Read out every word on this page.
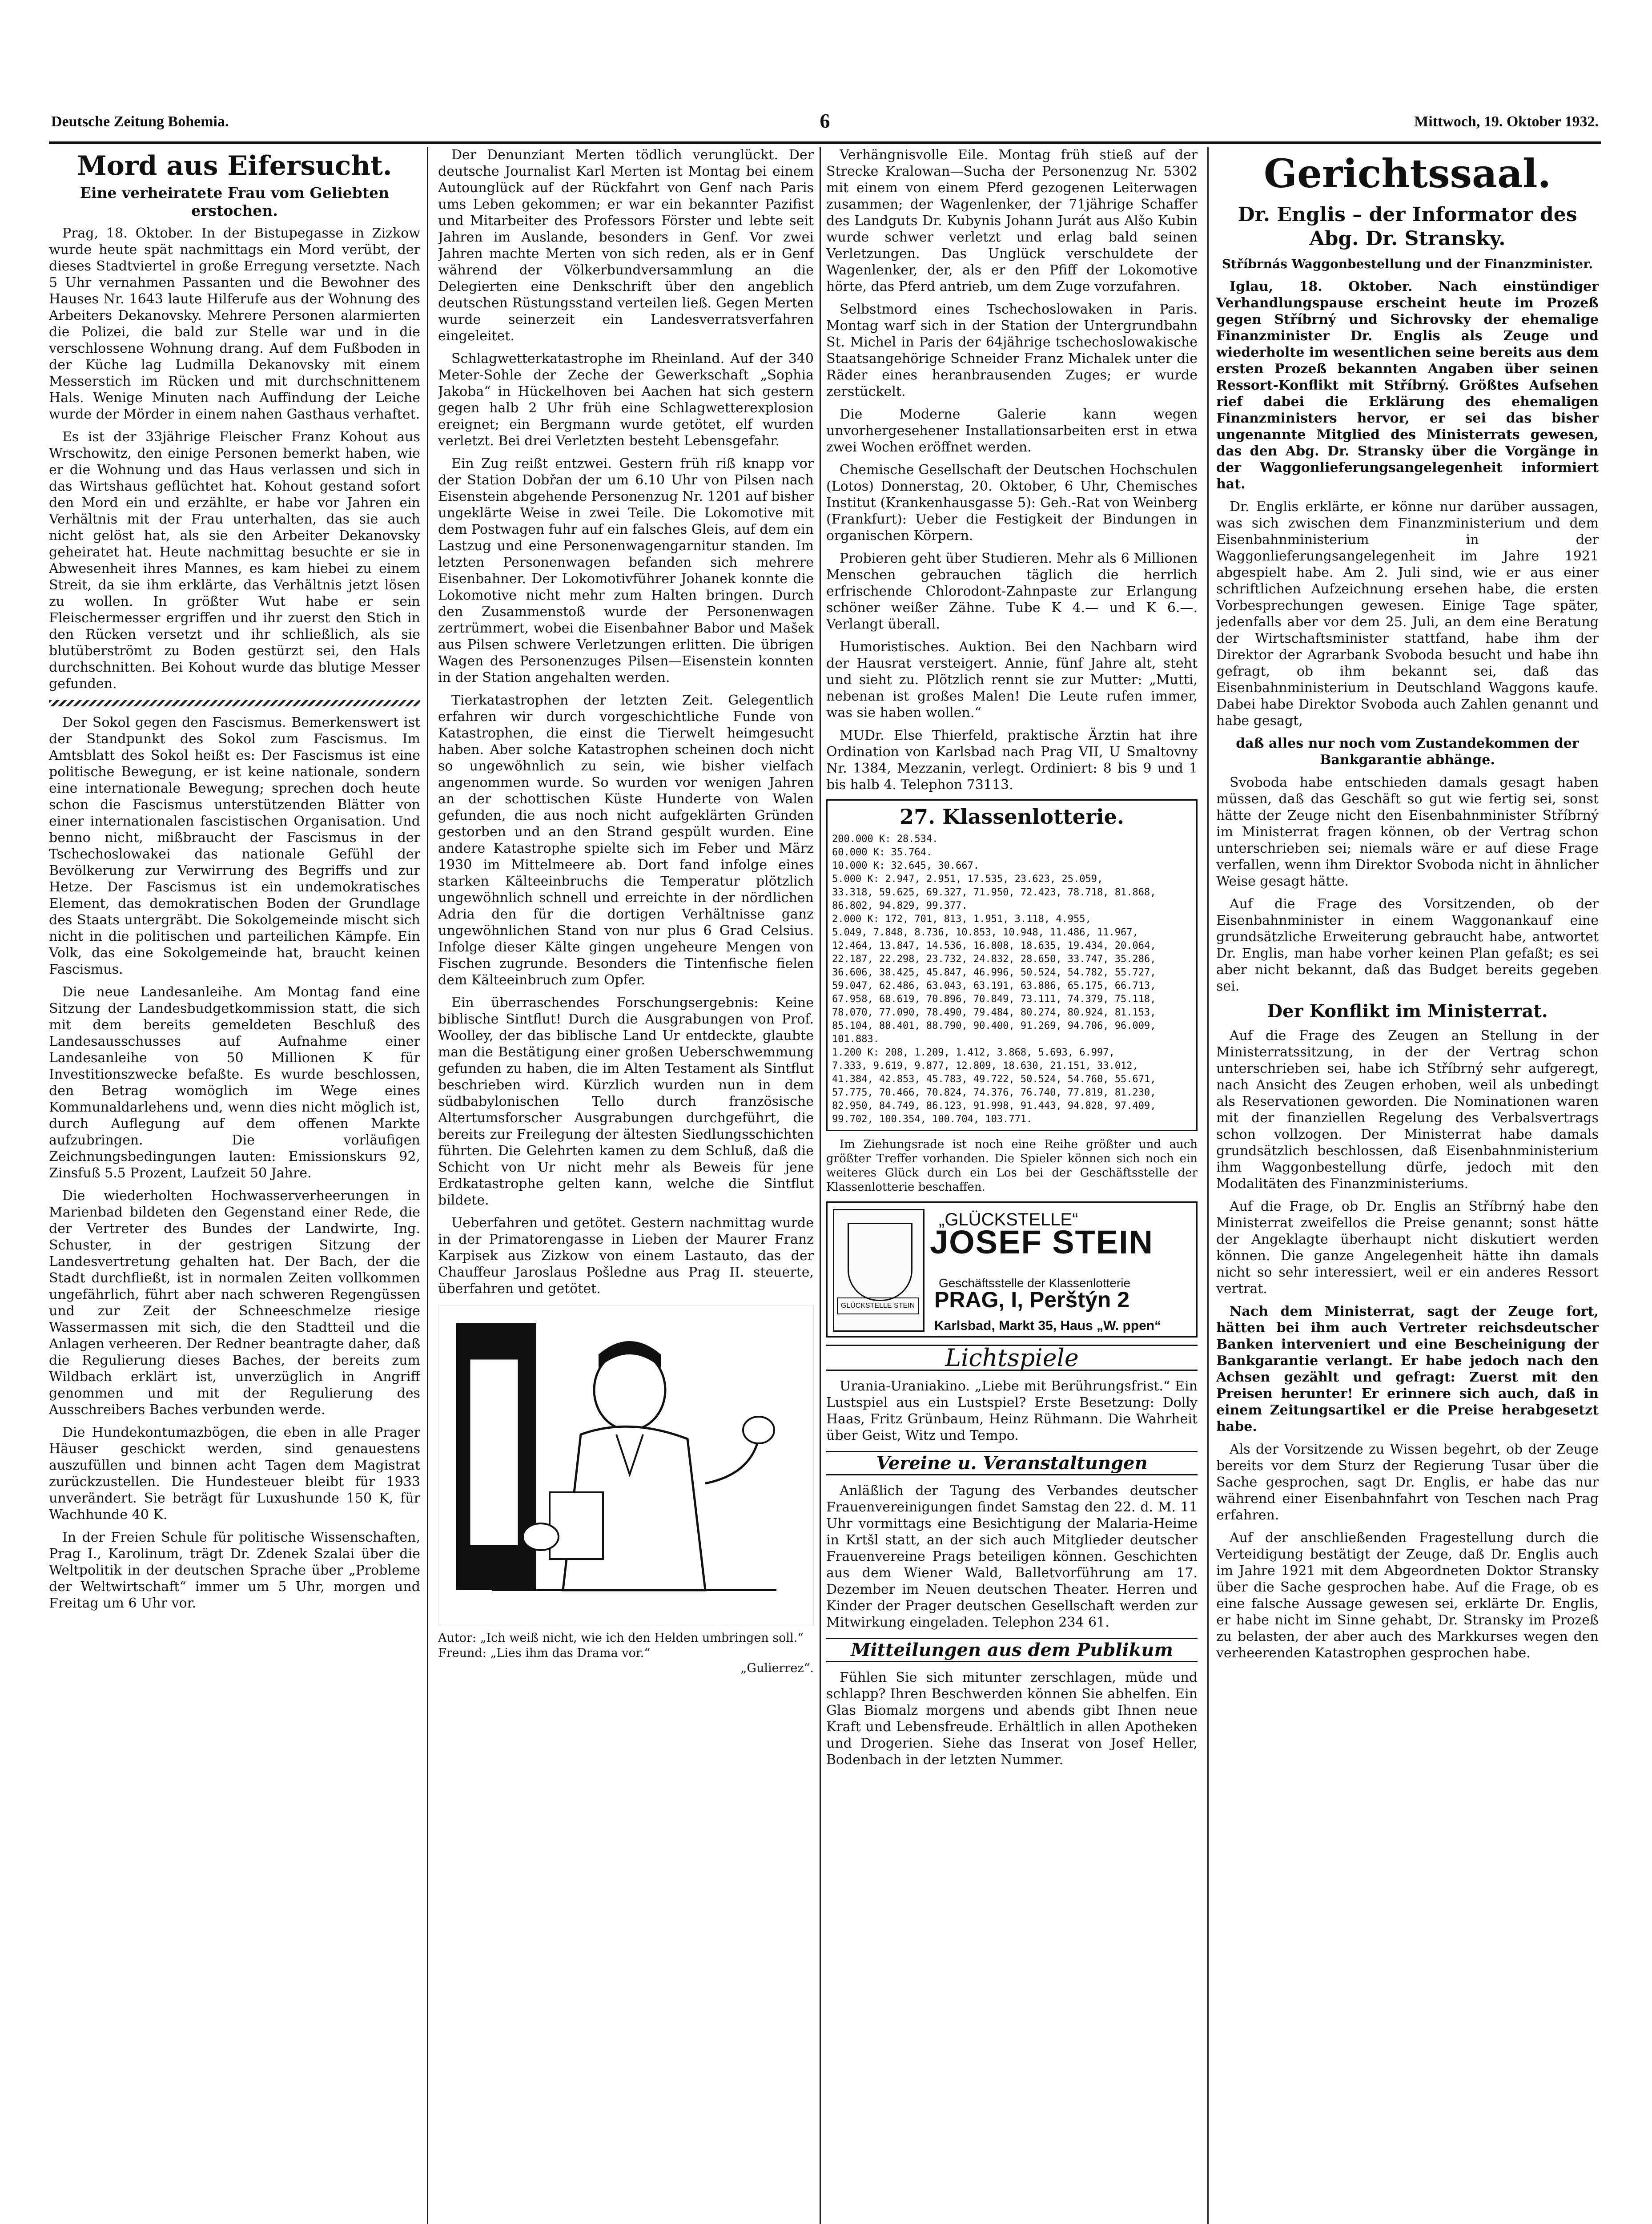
Deutsche Zeitung Bohemia.	6	Mittwoch, 19. Oktober 1932.
Mord aus Eifersucht.
Eine verheiratete Frau vom Geliebten erstochen.

Prag, 18. Oktober. In der Bistupegasse in Zizkow wurde heute spät nachmittags ein Mord verübt, der dieses Stadtviertel in große Erregung versetzte. Nach 5 Uhr vernahmen Passanten und die Bewohner des Hauses Nr. 1643 laute Hilferufe aus der Wohnung des Arbeiters Dekanovsky. Mehrere Personen alarmierten die Polizei, die bald zur Stelle war und in die verschlossene Wohnung drang. Auf dem Fußboden in der Küche lag Ludmilla Dekanovsky mit einem Messerstich im Rücken und mit durchschnittenem Hals. Wenige Minuten nach Auffindung der Leiche wurde der Mörder in einem nahen Gasthaus verhaftet.

Es ist der 33jährige Fleischer Franz Kohout aus Wrschowitz, den einige Personen bemerkt haben, wie er die Wohnung und das Haus verlassen und sich in das Wirtshaus geflüchtet hat. Kohout gestand sofort den Mord ein und erzählte, er habe vor Jahren ein Verhältnis mit der Frau unterhalten, das sie auch nicht gelöst hat, als sie den Arbeiter Dekanovsky geheiratet hat. Heute nachmittag besuchte er sie in Abwesenheit ihres Mannes, es kam hiebei zu einem Streit, da sie ihm erklärte, das Verhältnis jetzt lösen zu wollen. In größter Wut habe er sein Fleischermesser ergriffen und ihr zuerst den Stich in den Rücken versetzt und ihr schließlich, als sie blutüberströmt zu Boden gestürzt sei, den Hals durchschnitten. Bei Kohout wurde das blutige Messer gefunden.

Der Sokol gegen den Fascismus. Bemerkenswert ist der Standpunkt des Sokol zum Fascismus. Im Amtsblatt des Sokol heißt es: Der Fascismus ist eine politische Bewegung, er ist keine nationale, sondern eine internationale Bewegung; sprechen doch heute schon die Fascismus unterstützenden Blätter von einer internationalen fascistischen Organisation. Und benno nicht, mißbraucht der Fascismus in der Tschechoslowakei das nationale Gefühl der Bevölkerung zur Verwirrung des Begriffs und zur Hetze. Der Fascismus ist ein undemokratisches Element, das demokratischen Boden der Grundlage des Staats untergräbt. Die Sokolgemeinde mischt sich nicht in die politischen und parteilichen Kämpfe. Ein Volk, das eine Sokolgemeinde hat, braucht keinen Fascismus.

Die neue Landesanleihe. Am Montag fand eine Sitzung der Landesbudgetkommission statt, die sich mit dem bereits gemeldeten Beschluß des Landesausschusses auf Aufnahme einer Landesanleihe von 50 Millionen K für Investitionszwecke befaßte. Es wurde beschlossen, den Betrag womöglich im Wege eines Kommunaldarlehens und, wenn dies nicht möglich ist, durch Auflegung auf dem offenen Markte aufzubringen. Die vorläufigen Zeichnungsbedingungen lauten: Emissionskurs 92, Zinsfuß 5.5 Prozent, Laufzeit 50 Jahre.

Die wiederholten Hochwasserverheerungen in Marienbad bildeten den Gegenstand einer Rede, die der Vertreter des Bundes der Landwirte, Ing. Schuster, in der gestrigen Sitzung der Landesvertretung gehalten hat. Der Bach, der die Stadt durchfließt, ist in normalen Zeiten vollkommen ungefährlich, führt aber nach schweren Regengüssen und zur Zeit der Schneeschmelze riesige Wassermassen mit sich, die den Stadtteil und die Anlagen verheeren. Der Redner beantragte daher, daß die Regulierung dieses Baches, der bereits zum Wildbach erklärt ist, unverzüglich in Angriff genommen und mit der Regulierung des Ausschreibers Baches verbunden werde.

Die Hundekontumazbögen, die eben in alle Prager Häuser geschickt werden, sind genauestens auszufüllen und binnen acht Tagen dem Magistrat zurückzustellen. Die Hundesteuer bleibt für 1933 unverändert. Sie beträgt für Luxushunde 150 K, für Wachhunde 40 K.

In der Freien Schule für politische Wissenschaften, Prag I., Karolinum, trägt Dr. Zdenek Szalai über die Weltpolitik in der deutschen Sprache über „Probleme der Weltwirtschaft“ immer um 5 Uhr, morgen und Freitag um 6 Uhr vor.

Der Denunziant Merten tödlich verunglückt. Der deutsche Journalist Karl Merten ist Montag bei einem Autounglück auf der Rückfahrt von Genf nach Paris ums Leben gekommen; er war ein bekannter Pazifist und Mitarbeiter des Professors Förster und lebte seit Jahren im Auslande, besonders in Genf. Vor zwei Jahren machte Merten von sich reden, als er in Genf während der Völkerbundversammlung an die Delegierten eine Denkschrift über den angeblich deutschen Rüstungsstand verteilen ließ. Gegen Merten wurde seinerzeit ein Landesverratsverfahren eingeleitet.

Schlagwetterkatastrophe im Rheinland. Auf der 340 Meter-Sohle der Zeche der Gewerkschaft „Sophia Jakoba“ in Hückelhoven bei Aachen hat sich gestern gegen halb 2 Uhr früh eine Schlagwetterexplosion ereignet; ein Bergmann wurde getötet, elf wurden verletzt. Bei drei Verletzten besteht Lebensgefahr.

Ein Zug reißt entzwei. Gestern früh riß knapp vor der Station Dobřan der um 6.10 Uhr von Pilsen nach Eisenstein abgehende Personenzug Nr. 1201 auf bisher ungeklärte Weise in zwei Teile. Die Lokomotive mit dem Postwagen fuhr auf ein falsches Gleis, auf dem ein Lastzug und eine Personenwagengarnitur standen. Im letzten Personenwagen befanden sich mehrere Eisenbahner. Der Lokomotivführer Johanek konnte die Lokomotive nicht mehr zum Halten bringen. Durch den Zusammenstoß wurde der Personenwagen zertrümmert, wobei die Eisenbahner Babor und Mašek aus Pilsen schwere Verletzungen erlitten. Die übrigen Wagen des Personenzuges Pilsen—Eisenstein konnten in der Station angehalten werden.

Tierkatastrophen der letzten Zeit. Gelegentlich erfahren wir durch vorgeschichtliche Funde von Katastrophen, die einst die Tierwelt heimgesucht haben. Aber solche Katastrophen scheinen doch nicht so ungewöhnlich zu sein, wie bisher vielfach angenommen wurde. So wurden vor wenigen Jahren an der schottischen Küste Hunderte von Walen gefunden, die aus noch nicht aufgeklärten Gründen gestorben und an den Strand gespült wurden. Eine andere Katastrophe spielte sich im Feber und März 1930 im Mittelmeere ab. Dort fand infolge eines starken Kälteeinbruchs die Temperatur plötzlich ungewöhnlich schnell und erreichte in der nördlichen Adria den für die dortigen Verhältnisse ganz ungewöhnlichen Stand von nur plus 6 Grad Celsius. Infolge dieser Kälte gingen ungeheure Mengen von Fischen zugrunde. Besonders die Tintenfische fielen dem Kälteeinbruch zum Opfer.

Ein überraschendes Forschungsergebnis: Keine biblische Sintflut! Durch die Ausgrabungen von Prof. Woolley, der das biblische Land Ur entdeckte, glaubte man die Bestätigung einer großen Ueberschwemmung gefunden zu haben, die im Alten Testament als Sintflut beschrieben wird. Kürzlich wurden nun in dem südbabylonischen Tello durch französische Altertumsforscher Ausgrabungen durchgeführt, die bereits zur Freilegung der ältesten Siedlungsschichten führten. Die Gelehrten kamen zu dem Schluß, daß die Schicht von Ur nicht mehr als Beweis für jene Erdkatastrophe gelten kann, welche die Sintflut bildete.

Ueberfahren und getötet. Gestern nachmittag wurde in der Primatorengasse in Lieben der Maurer Franz Karpisek aus Zizkow von einem Lastauto, das der Chauffeur Jaroslaus Pošledne aus Prag II. steuerte, überfahren und getötet.

Autor: „Ich weiß nicht, wie ich den Helden umbringen soll.“
Freund: „Lies ihm das Drama vor.“
„Gulierrez“.

Verhängnisvolle Eile. Montag früh stieß auf der Strecke Kralowan—Sucha der Personenzug Nr. 5302 mit einem von einem Pferd gezogenen Leiterwagen zusammen; der Wagenlenker, der 71jährige Schaffer des Landguts Dr. Kubynis Johann Jurát aus Alšo Kubin wurde schwer verletzt und erlag bald seinen Verletzungen. Das Unglück verschuldete der Wagenlenker, der, als er den Pfiff der Lokomotive hörte, das Pferd antrieb, um dem Zuge vorzufahren.

Selbstmord eines Tschechoslowaken in Paris. Montag warf sich in der Station der Untergrundbahn St. Michel in Paris der 64jährige tschechoslowakische Staatsangehörige Schneider Franz Michalek unter die Räder eines heranbrausenden Zuges; er wurde zerstückelt.

Die Moderne Galerie kann wegen unvorhergesehener Installationsarbeiten erst in etwa zwei Wochen eröffnet werden.

Chemische Gesellschaft der Deutschen Hochschulen (Lotos) Donnerstag, 20. Oktober, 6 Uhr, Chemisches Institut (Krankenhausgasse 5): Geh.-Rat von Weinberg (Frankfurt): Ueber die Festigkeit der Bindungen in organischen Körpern.

Probieren geht über Studieren. Mehr als 6 Millionen Menschen gebrauchen täglich die herrlich erfrischende Chlorodont-Zahnpaste zur Erlangung schöner weißer Zähne. Tube K 4.— und K 6.—. Verlangt überall.

Humoristisches. Auktion. Bei den Nachbarn wird der Hausrat versteigert. Annie, fünf Jahre alt, steht und sieht zu. Plötzlich rennt sie zur Mutter: „Mutti, nebenan ist großes Malen! Die Leute rufen immer, was sie haben wollen.“

MUDr. Else Thierfeld, praktische Ärztin hat ihre Ordination von Karlsbad nach Prag VII, U Smaltovny Nr. 1384, Mezzanin, verlegt. Ordiniert: 8 bis 9 und 1 bis halb 4. Telephon 73113.

27. Klassenlotterie.
200.000 K: 28.534.
60.000 K: 35.764.
10.000 K: 32.645, 30.667.
5.000 K: 2.947, 2.951, 17.535, 23.623, 25.059,
33.318, 59.625, 69.327, 71.950, 72.423, 78.718, 81.868,
86.802, 94.829, 99.377.
2.000 K: 172, 701, 813, 1.951, 3.118, 4.955,
5.049, 7.848, 8.736, 10.853, 10.948, 11.486, 11.967,
12.464, 13.847, 14.536, 16.808, 18.635, 19.434, 20.064,
22.187, 22.298, 23.732, 24.832, 28.650, 33.747, 35.286,
36.606, 38.425, 45.847, 46.996, 50.524, 54.782, 55.727,
59.047, 62.486, 63.043, 63.191, 63.886, 65.175, 66.713,
67.958, 68.619, 70.896, 70.849, 73.111, 74.379, 75.118,
78.070, 77.090, 78.490, 79.484, 80.274, 80.924, 81.153,
85.104, 88.401, 88.790, 90.400, 91.269, 94.706, 96.009,
101.883.
1.200 K: 208, 1.209, 1.412, 3.868, 5.693, 6.997,
7.333, 9.619, 9.877, 12.809, 18.630, 21.151, 33.012,
41.384, 42.853, 45.783, 49.722, 50.524, 54.760, 55.671,
57.775, 70.466, 70.824, 74.376, 76.740, 77.819, 81.230,
82.950, 84.749, 86.123, 91.998, 91.443, 94.828, 97.409,
99.702, 100.354, 100.704, 103.771.

Im Ziehungsrade ist noch eine Reihe größter und auch größter Treffer vorhanden. Die Spieler können sich noch ein weiteres Glück durch ein Los bei der Geschäftsstelle der Klassenlotterie beschaffen.

GLÜCKSTELLE STEIN
„GLÜCKSTELLE“
JOSEF STEIN
Geschäftsstelle der Klassenlotterie
PRAG, I, Perštýn 2
Karlsbad, Markt 35, Haus „W. ppen“
Lichtspiele

Urania-Uraniakino. „Liebe mit Berührungsfrist.“ Ein Lustspiel aus ein Lustspiel? Erste Besetzung: Dolly Haas, Fritz Grünbaum, Heinz Rühmann. Die Wahrheit über Geist, Witz und Tempo.

Vereine u. Veranstaltungen

Anläßlich der Tagung des Verbandes deutscher Frauenvereinigungen findet Samstag den 22. d. M. 11 Uhr vormittags eine Besichtigung der Malaria-Heime in Krtšl statt, an der sich auch Mitglieder deutscher Frauenvereine Prags beteiligen können. Geschichten aus dem Wiener Wald, Balletvorführung am 17. Dezember im Neuen deutschen Theater. Herren und Kinder der Prager deutschen Gesellschaft werden zur Mitwirkung eingeladen. Telephon 234 61.

Mitteilungen aus dem Publikum

Fühlen Sie sich mitunter zerschlagen, müde und schlapp? Ihren Beschwerden können Sie abhelfen. Ein Glas Biomalz morgens und abends gibt Ihnen neue Kraft und Lebensfreude. Erhältlich in allen Apotheken und Drogerien. Siehe das Inserat von Josef Heller, Bodenbach in der letzten Nummer.

Gerichtssaal.
Dr. Englis – der Informator des Abg. Dr. Stransky.
Stříbrnás Waggonbestellung und der Finanzminister.

Iglau, 18. Oktober. Nach einstündiger Verhandlungspause erscheint heute im Prozeß gegen Stříbrný und Sichrovsky der ehemalige Finanzminister Dr. Englis als Zeuge und wiederholte im wesentlichen seine bereits aus dem ersten Prozeß bekannten Angaben über seinen Ressort-Konflikt mit Stříbrný. Größtes Aufsehen rief dabei die Erklärung des ehemaligen Finanzministers hervor, er sei das bisher ungenannte Mitglied des Ministerrats gewesen, das den Abg. Dr. Stransky über die Vorgänge in der Waggonlieferungsangelegenheit informiert hat.

Dr. Englis erklärte, er könne nur darüber aussagen, was sich zwischen dem Finanzministerium und dem Eisenbahnministerium in der Waggonlieferungsangelegenheit im Jahre 1921 abgespielt habe. Am 2. Juli sind, wie er aus einer schriftlichen Aufzeichnung ersehen habe, die ersten Vorbesprechungen gewesen. Einige Tage später, jedenfalls aber vor dem 25. Juli, an dem eine Beratung der Wirtschaftsminister stattfand, habe ihm der Direktor der Agrarbank Svoboda besucht und habe ihn gefragt, ob ihm bekannt sei, daß das Eisenbahnministerium in Deutschland Waggons kaufe. Dabei habe Direktor Svoboda auch Zahlen genannt und habe gesagt,

daß alles nur noch vom Zustandekommen der Bankgarantie abhänge.

Svoboda habe entschieden damals gesagt haben müssen, daß das Geschäft so gut wie fertig sei, sonst hätte der Zeuge nicht den Eisenbahnminister Stříbrný im Ministerrat fragen können, ob der Vertrag schon unterschrieben sei; niemals wäre er auf diese Frage verfallen, wenn ihm Direktor Svoboda nicht in ähnlicher Weise gesagt hätte.

Auf die Frage des Vorsitzenden, ob der Eisenbahnminister in einem Waggonankauf eine grundsätzliche Erweiterung gebraucht habe, antwortet Dr. Englis, man habe vorher keinen Plan gefaßt; es sei aber nicht bekannt, daß das Budget bereits gegeben sei.

Der Konflikt im Ministerrat.

Auf die Frage des Zeugen an Stellung in der Ministerratssitzung, in der der Vertrag schon unterschrieben sei, habe ich Stříbrný sehr aufgeregt, nach Ansicht des Zeugen erhoben, weil als unbedingt als Reservationen geworden. Die Nominationen waren mit der finanziellen Regelung des Verbalsvertrags schon vollzogen. Der Ministerrat habe damals grundsätzlich beschlossen, daß Eisenbahnministerium ihm Waggonbestellung dürfe, jedoch mit den Modalitäten des Finanzministeriums.

Auf die Frage, ob Dr. Englis an Stříbrný habe den Ministerrat zweifellos die Preise genannt; sonst hätte der Angeklagte überhaupt nicht diskutiert werden können. Die ganze Angelegenheit hätte ihn damals nicht so sehr interessiert, weil er ein anderes Ressort vertrat.

Nach dem Ministerrat, sagt der Zeuge fort, hätten bei ihm auch Vertreter reichsdeutscher Banken interveniert und eine Bescheinigung der Bankgarantie verlangt. Er habe jedoch nach den Achsen gezählt und gefragt: Zuerst mit den Preisen herunter! Er erinnere sich auch, daß in einem Zeitungsartikel er die Preise herabgesetzt habe.

Als der Vorsitzende zu Wissen begehrt, ob der Zeuge bereits vor dem Sturz der Regierung Tusar über die Sache gesprochen, sagt Dr. Englis, er habe das nur während einer Eisenbahnfahrt von Teschen nach Prag erfahren.

Auf der anschließenden Fragestellung durch die Verteidigung bestätigt der Zeuge, daß Dr. Englis auch im Jahre 1921 mit dem Abgeordneten Doktor Stransky über die Sache gesprochen habe. Auf die Frage, ob es eine falsche Aussage gewesen sei, erklärte Dr. Englis, er habe nicht im Sinne gehabt, Dr. Stransky im Prozeß zu belasten, der aber auch des Markkurses wegen den verheerenden Katastrophen gesprochen habe.
